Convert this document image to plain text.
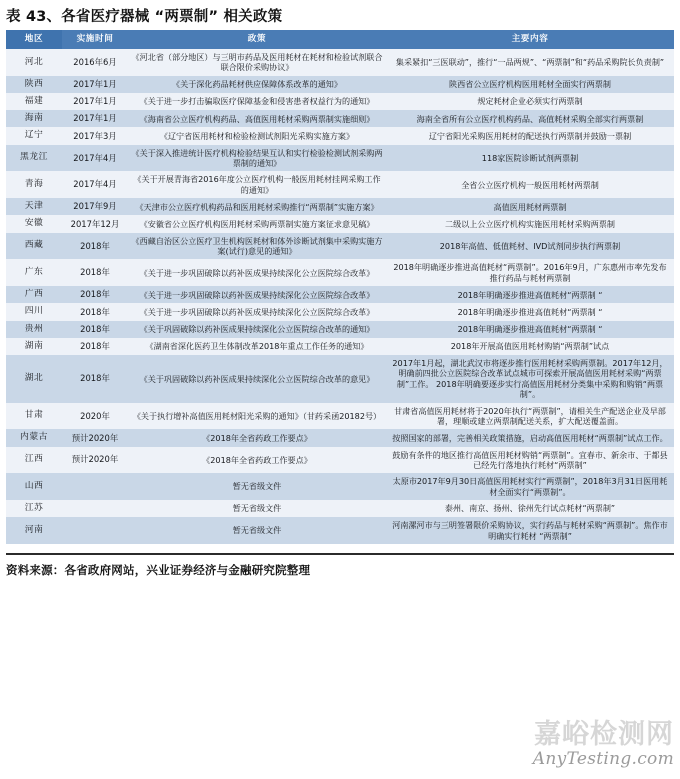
表 43、各省医疗器械 “两票制” 相关政策
地区	实施时间	政策	主要内容
河北	2016年6月	《河北省（部分地区）与三明市药品及医用耗材在耗材和检验试剂联合联合限价采购协议》	集采紧扣“三医联动”，推行“一品两规”、“两票制”和“药品采购院长负责制”
陕西	2017年1月	《关于深化药品耗材供应保障体系改革的通知》	陕西省公立医疗机构医用耗材全面实行两票制
福建	2017年1月	《关于进一步打击骗取医疗保障基金和侵害患者权益行为的通知》	规定耗材企业必须实行两票制
海南	2017年1月	《海南省公立医疗机构药品、高值医用耗材采购两票制实施细则》	海南全省所有公立医疗机构药品、高值耗材采购全部实行两票制
辽宁	2017年3月	《辽宁省医用耗材和检验检测试剂阳光采购实施方案》	辽宁省阳光采购医用耗材的配送执行两票制并鼓励一票制
黑龙江	2017年4月	《关于深入推进统计医疗机构检验结果互认和实行检验检测试剂采购两票制的通知》	118家医院诊断试剂两票制
青海	2017年4月	《关于开展青海省2016年度公立医疗机构一般医用耗材挂网采购工作的通知》	全省公立医疗机构一般医用耗材两票制
天津	2017年9月	《天津市公立医疗机构药品和医用耗材采购推行“两票制”实施方案》	高值医用耗材两票制
安徽	2017年12月	《安徽省公立医疗机构医用耗材采购两票制实施方案征求意见稿》	二级以上公立医疗机构实施医用耗材采购两票制
西藏	2018年	《西藏自治区公立医疗卫生机构医耗材和体外诊断试剂集中采购实施方案(试行)意见的通知》	2018年高值、低值耗材、IVD试剂同步执行两票制
广东	2018年	《关于进一步巩固破除以药补医成果持续深化公立医院综合改革》	2018年明确逐步推进高值耗材“两票制”。2016年9月，广东惠州市率先发布推行药品与耗材两票制
广西	2018年	《关于进一步巩固破除以药补医成果持续深化公立医院综合改革》	2018年明确逐步推进高值耗材“两票制 “
四川	2018年	《关于进一步巩固破除以药补医成果持续深化公立医院综合改革》	2018年明确逐步推进高值耗材“两票制 “
贵州	2018年	《关于巩固破除以药补医成果持续深化公立医院综合改革的通知》	2018年明确逐步推进高值耗材“两票制 “
湖南	2018年	《湖南省深化医药卫生体制改革2018年重点工作任务的通知》	2018年开展高值医用耗材购销“两票制”试点
湖北	2018年	《关于巩固破除以药补医成果持续深化公立医院综合改革的意见》	2017年1月起，湖北武汉市将逐步推行医用耗材采购两票制。2017年12月，明确前四批公立医院综合改革试点城市可探索开展高值医用耗材采购“两票制”工作。 2018年明确要逐步实行高值医用耗材分类集中采购和购销“两票制”。
甘肃	2020年	《关于执行增补高值医用耗材阳光采购的通知》（甘药采函20182号）	甘肃省高值医用耗材将于2020年执行“两票制”，请相关生产配送企业及早部署，理顺或建立两票制配送关系，扩大配送覆盖面。
内蒙古	预计2020年	《2018年全省药政工作要点》	按照国家的部署，完善相关政策措施，启动高值医用耗材“两票制”试点工作。
江西	预计2020年	《2018年全省药政工作要点》	鼓励有条件的地区推行高值医用耗材购销“两票制”。宜春市、新余市、于都县已经先行落地执行耗材“两票制”
山西		暂无省级文件	太原市2017年9月30日高值医用耗材实行“两票制”，2018年3月31日医用耗材全面实行“两票制”。
江苏		暂无省级文件	泰州、南京、扬州、徐州先行试点耗材“两票制”
河南		暂无省级文件	河南漯河市与三明签署限价采购协议，实行药品与耗材采购“两票制”。焦作市明确实行耗材 “两票制”
资料来源：各省政府网站，兴业证券经济与金融研究院整理
嘉峪检测网
AnyTesting.com
